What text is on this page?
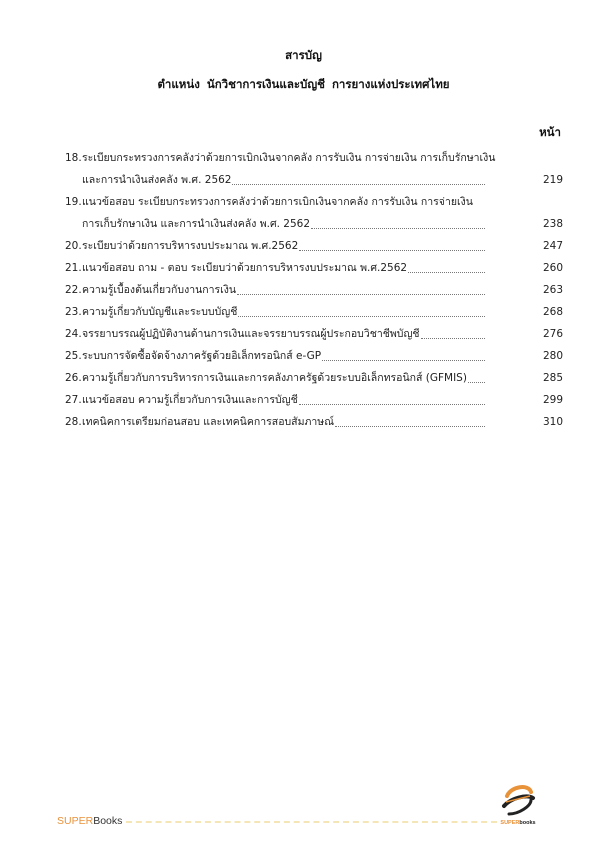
สารบัญ
ตำแหน่ง นักวิชาการเงินและบัญชี การยางแห่งประเทศไทย
หน้า
18. ระเบียบกระทรวงการคลังว่าด้วยการเบิกเงินจากคลัง การรับเงิน การจ่ายเงิน การเก็บรักษาเงิน
และการนำเงินส่งคลัง พ.ศ. 2562	219
19. แนวข้อสอบ ระเบียบกระทรวงการคลังว่าด้วยการเบิกเงินจากคลัง การรับเงิน การจ่ายเงิน
การเก็บรักษาเงิน และการนำเงินส่งคลัง พ.ศ. 2562	238
20. ระเบียบว่าด้วยการบริหารงบประมาณ พ.ศ.2562	247
21. แนวข้อสอบ ถาม - ตอบ ระเบียบว่าด้วยการบริหารงบประมาณ พ.ศ.2562	260
22. ความรู้เบื้องต้นเกี่ยวกับงานการเงิน	263
23. ความรู้เกี่ยวกับบัญชีและระบบบัญชี	268
24. จรรยาบรรณผู้ปฏิบัติงานด้านการเงินและจรรยาบรรณผู้ประกอบวิชาชีพบัญชี	276
25. ระบบการจัดซื้อจัดจ้างภาครัฐด้วยอิเล็กทรอนิกส์ e-GP	280
26. ความรู้เกี่ยวกับการบริหารการเงินและการคลังภาครัฐด้วยระบบอิเล็กทรอนิกส์ (GFMIS)	285
27. แนวข้อสอบ ความรู้เกี่ยวกับการเงินและการบัญชี	299
28. เทคนิคการเตรียมก่อนสอบ และเทคนิคการสอบสัมภาษณ์	310
SUPER Books	SUPERbooks
